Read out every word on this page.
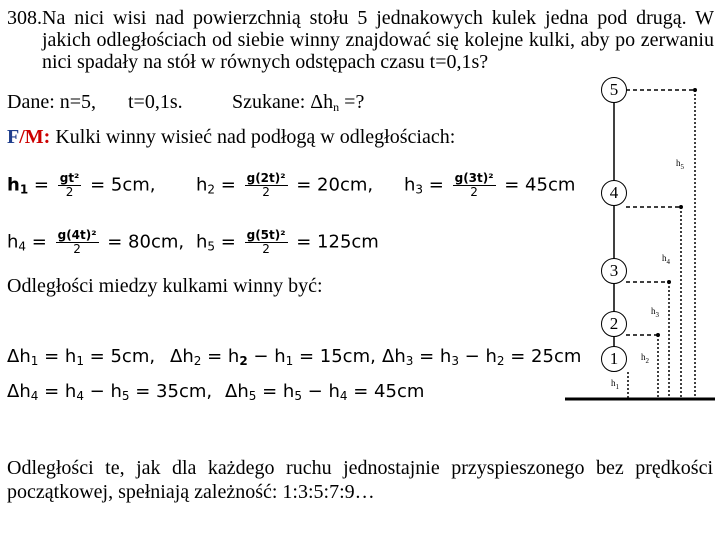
308. Na nici wisi nad powierzchnią stołu 5 jednakowych kulek jedna pod drugą. W
jakich odległościach od siebie winny znajdować się kolejne kulki, aby po zerwaniu
nici spadały na stół w równych odstępach czasu t=0,1s?
Dane: n=5, t=0,1s. Szukane: $\Delta h_n$ =?
F/M: Kulki winny wisieć nad podłogą w odległościach:
$h_1 = \frac{\text{gt²}}{2} = 5cm$, $h_2 = \frac{\text{g(2t)²}}{2} = 20cm$, $h_3 = \frac{\text{g(3t)²}}{2} = 45cm$
$h_4 = \frac{\text{g(4t)²}}{2} = 80cm$, $h_5 = \frac{\text{g(5t)²}}{2} = 125cm$
Odległości miedzy kulkami winny być:
$\Delta h_1 = h_1 = 5cm$, $\Delta h_2 = h_2 - h_1 = 15cm$, $\Delta h_3 = h_3 - h_2 = 25cm$
$\Delta h_4 = h_4 - h_5 = 35cm$, $\Delta h_5 = h_5 - h_4 = 45cm$
5
4
3
2
1
$h_5$
$h_4$
$h_3$
$h_2$
$h_1$
Odległości te, jak dla każdego ruchu jednostajnie przyspieszonego bez prędkości
początkowej, spełniają zależność: 1:3:5:7:9…
